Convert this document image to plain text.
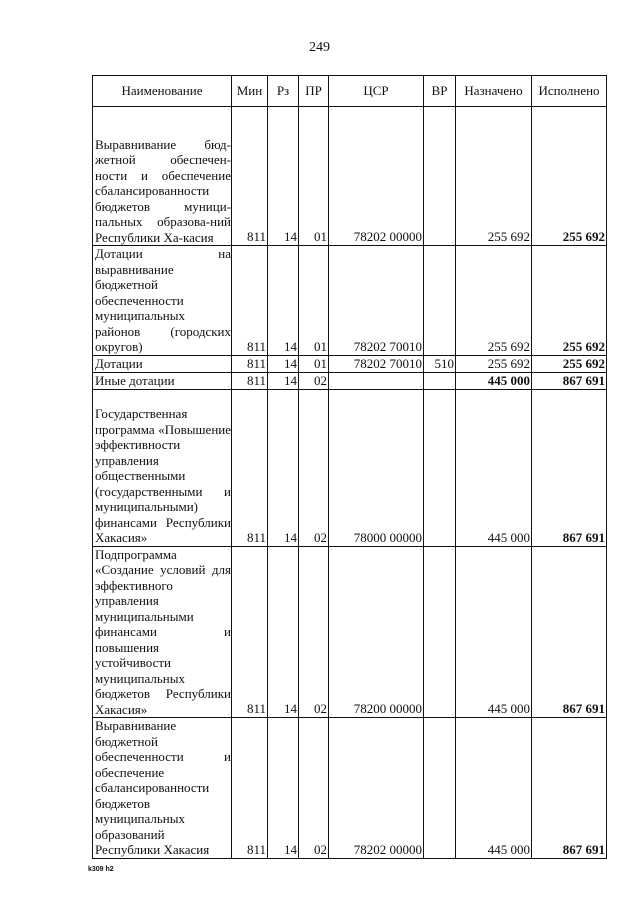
249
Наименование	Мин	Рз	ПР	ЦСР	ВР	Назначено	Исполнено
Выравнивание бюд-жетной обеспечен-ности и обеспечение сбалансированности бюджетов муници-пальных образова-ний Республики Ха-касия	811	14	01	78202 00000		255 692	255 692
Дотации на выравнивание бюджетной обеспеченности муниципальных районов (городских округов)	811	14	01	78202 70010		255 692	255 692
Дотации	811	14	01	78202 70010	510	255 692	255 692
Иные дотации	811	14	02			445 000	867 691
Государственная программа «Повышение эффективности управления общественными (государственными и муниципальными) финансами Республики Хакасия»	811	14	02	78000 00000		445 000	867 691
Подпрограмма «Создание условий для эффективного управления муниципальными финансами и повышения устойчивости муниципальных бюджетов Республики Хакасия»	811	14	02	78200 00000		445 000	867 691
Выравнивание бюджетной обеспеченности и обеспечение сбалансированности бюджетов муниципальных образований Республики Хакасия	811	14	02	78202 00000		445 000	867 691
k309 h2
